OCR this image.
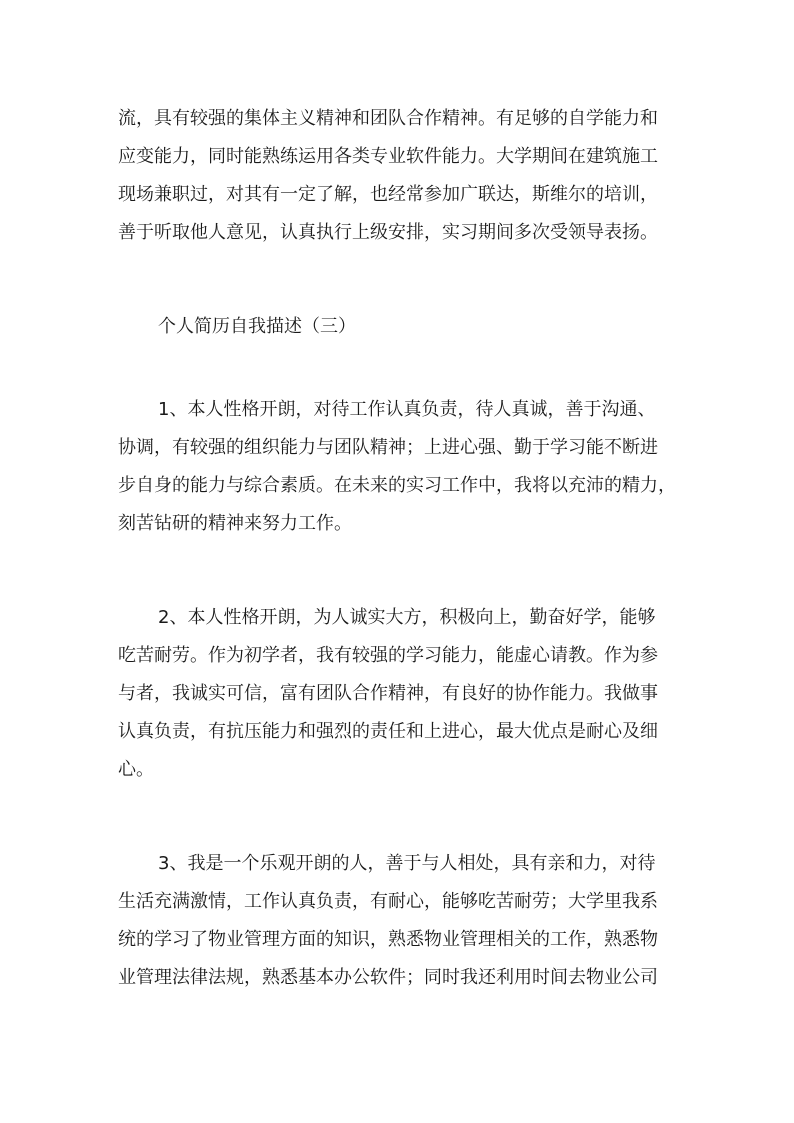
流，具有较强的集体主义精神和团队合作精神。有足够的自学能力和

应变能力，同时能熟练运用各类专业软件能力。大学期间在建筑施工

现场兼职过，对其有一定了解，也经常参加广联达，斯维尔的培训，

善于听取他人意见，认真执行上级安排，实习期间多次受领导表扬。

个人简历自我描述（三）

1、本人性格开朗，对待工作认真负责，待人真诚，善于沟通、

协调，有较强的组织能力与团队精神；上进心强、勤于学习能不断进

步自身的能力与综合素质。在未来的实习工作中，我将以充沛的精力，

刻苦钻研的精神来努力工作。

2、本人性格开朗，为人诚实大方，积极向上，勤奋好学，能够

吃苦耐劳。作为初学者，我有较强的学习能力，能虚心请教。作为参

与者，我诚实可信，富有团队合作精神，有良好的协作能力。我做事

认真负责，有抗压能力和强烈的责任和上进心，最大优点是耐心及细

心。

3、我是一个乐观开朗的人，善于与人相处，具有亲和力，对待

生活充满激情，工作认真负责，有耐心，能够吃苦耐劳；大学里我系

统的学习了物业管理方面的知识，熟悉物业管理相关的工作，熟悉物

业管理法律法规，熟悉基本办公软件；同时我还利用时间去物业公司
